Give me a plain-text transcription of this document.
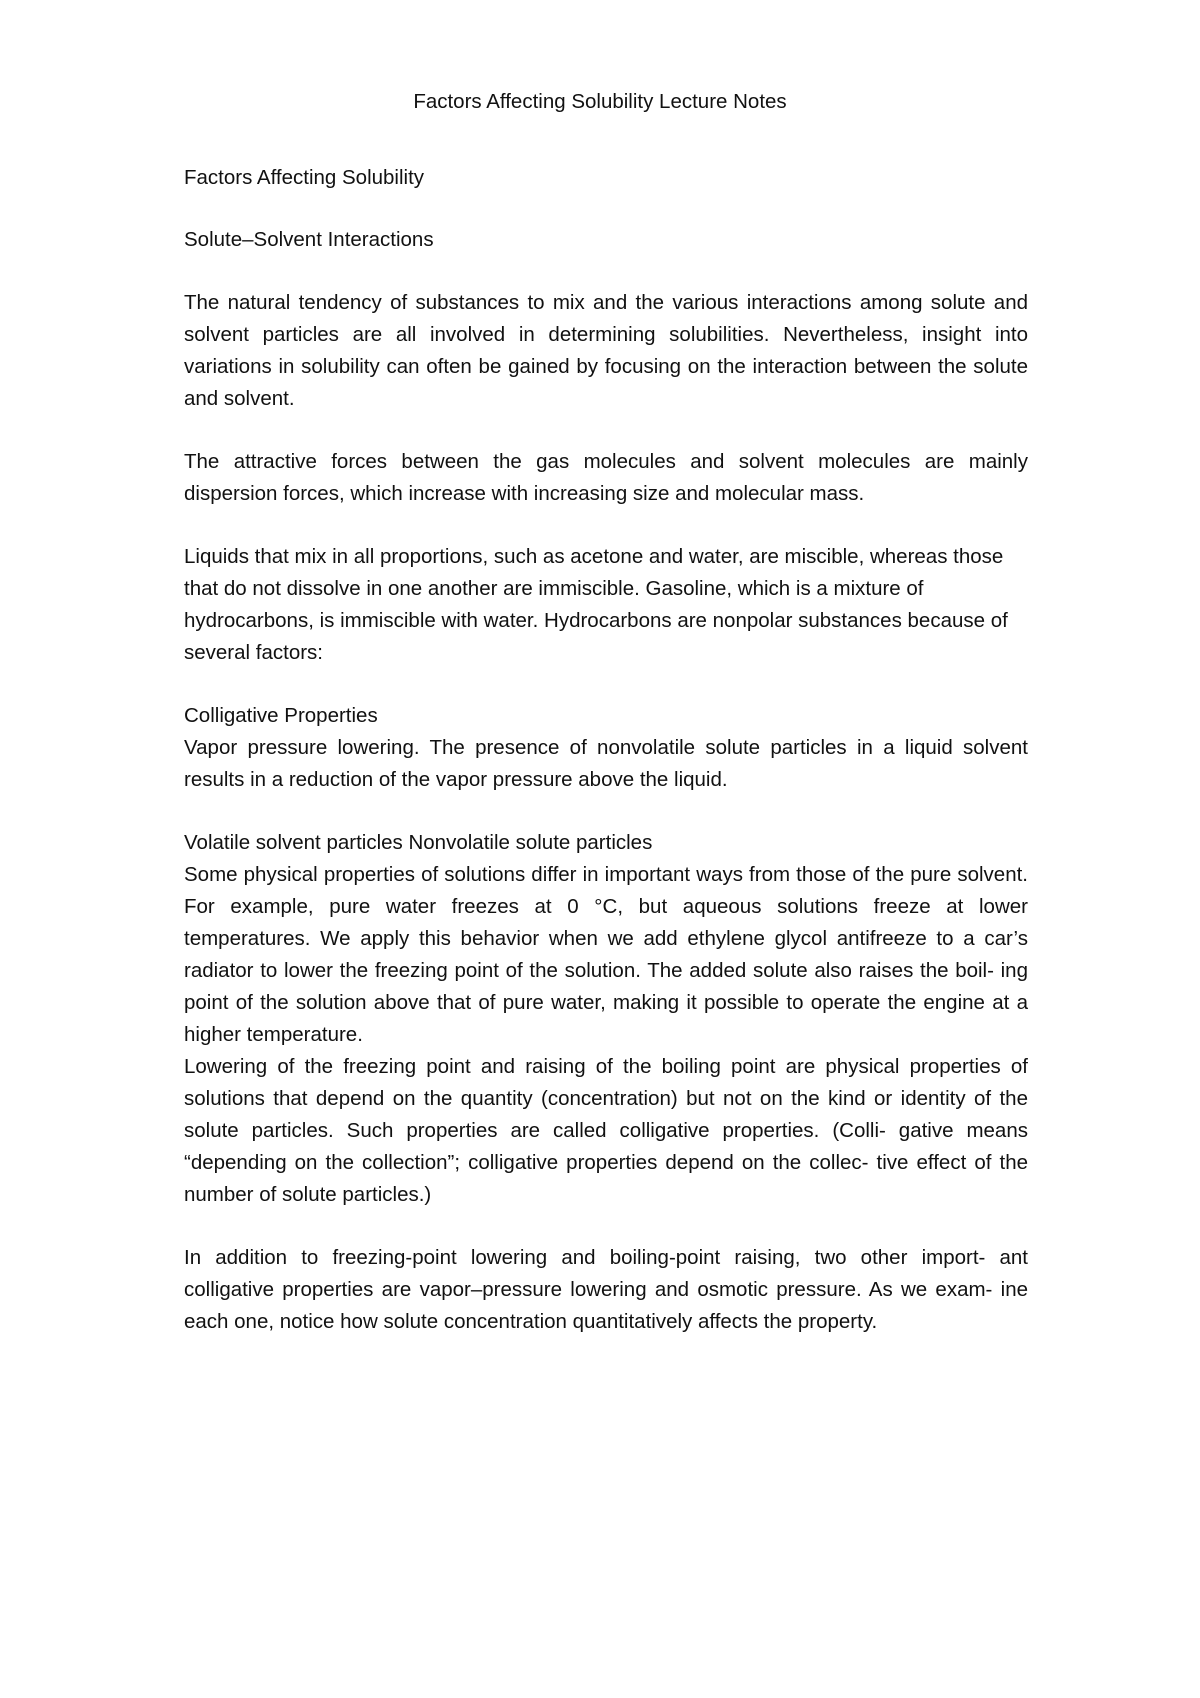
Factors Affecting Solubility Lecture Notes

Factors Affecting Solubility

Solute–Solvent Interactions

The natural tendency of substances to mix and the various interactions among solute and solvent particles are all involved in determining solubilities. Nevertheless, insight into variations in solubility can often be gained by focusing on the interaction between the solute and solvent.

The attractive forces between the gas molecules and solvent molecules are mainly dispersion forces, which increase with increasing size and molecular mass.

Liquids that mix in all proportions, such as acetone and water, are miscible, whereas those that do not dissolve in one another are immiscible. Gasoline, which is a mixture of hydrocarbons, is immiscible with water. Hydrocarbons are nonpolar substances because of several factors:

Colligative Properties

Vapor pressure lowering. The presence of nonvolatile solute particles in a liquid solvent results in a reduction of the vapor pressure above the liquid.

Volatile solvent particles Nonvolatile solute particles

Some physical properties of solutions differ in important ways from those of the pure solvent. For example, pure water freezes at 0 °C, but aqueous solutions freeze at lower temperatures. We apply this behavior when we add ethylene glycol antifreeze to a car’s radiator to lower the freezing point of the solution. The added solute also raises the boil- ing point of the solution above that of pure water, making it possible to operate the engine at a higher temperature.

Lowering of the freezing point and raising of the boiling point are physical properties of solutions that depend on the quantity (concentration) but not on the kind or identity of the solute particles. Such properties are called colligative properties. (Colli- gative means “depending on the collection”; colligative properties depend on the collec- tive effect of the number of solute particles.)

In addition to freezing-point lowering and boiling-point raising, two other import- ant colligative properties are vapor–pressure lowering and osmotic pressure. As we exam- ine each one, notice how solute concentration quantitatively affects the property.
